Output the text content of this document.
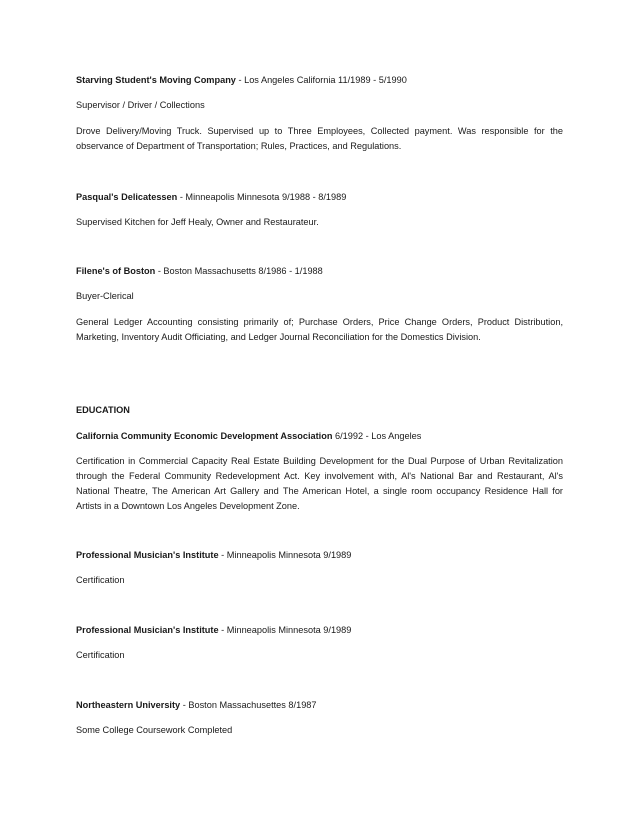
Starving Student's Moving Company - Los Angeles California 11/1989 - 5/1990

Supervisor / Driver / Collections

Drove Delivery/Moving Truck. Supervised up to Three Employees, Collected payment. Was responsible for the observance of Department of Transportation; Rules, Practices, and Regulations.

Pasqual's Delicatessen - Minneapolis Minnesota 9/1988 - 8/1989

Supervised Kitchen for Jeff Healy, Owner and Restaurateur.

Filene's of Boston - Boston Massachusetts 8/1986 - 1/1988

Buyer-Clerical

General Ledger Accounting consisting primarily of; Purchase Orders, Price Change Orders, Product Distribution, Marketing, Inventory Audit Officiating, and Ledger Journal Reconciliation for the Domestics Division.

EDUCATION

California Community Economic Development Association 6/1992 - Los Angeles

Certification in Commercial Capacity Real Estate Building Development for the Dual Purpose of Urban Revitalization through the Federal Community Redevelopment Act. Key involvement with, Al's National Bar and Restaurant, Al's National Theatre, The American Art Gallery and The American Hotel, a single room occupancy Residence Hall for Artists in a Downtown Los Angeles Development Zone.

Professional Musician's Institute - Minneapolis Minnesota 9/1989

Certification

Professional Musician's Institute - Minneapolis Minnesota 9/1989

Certification

Northeastern University - Boston Massachusettes 8/1987

Some College Coursework Completed
